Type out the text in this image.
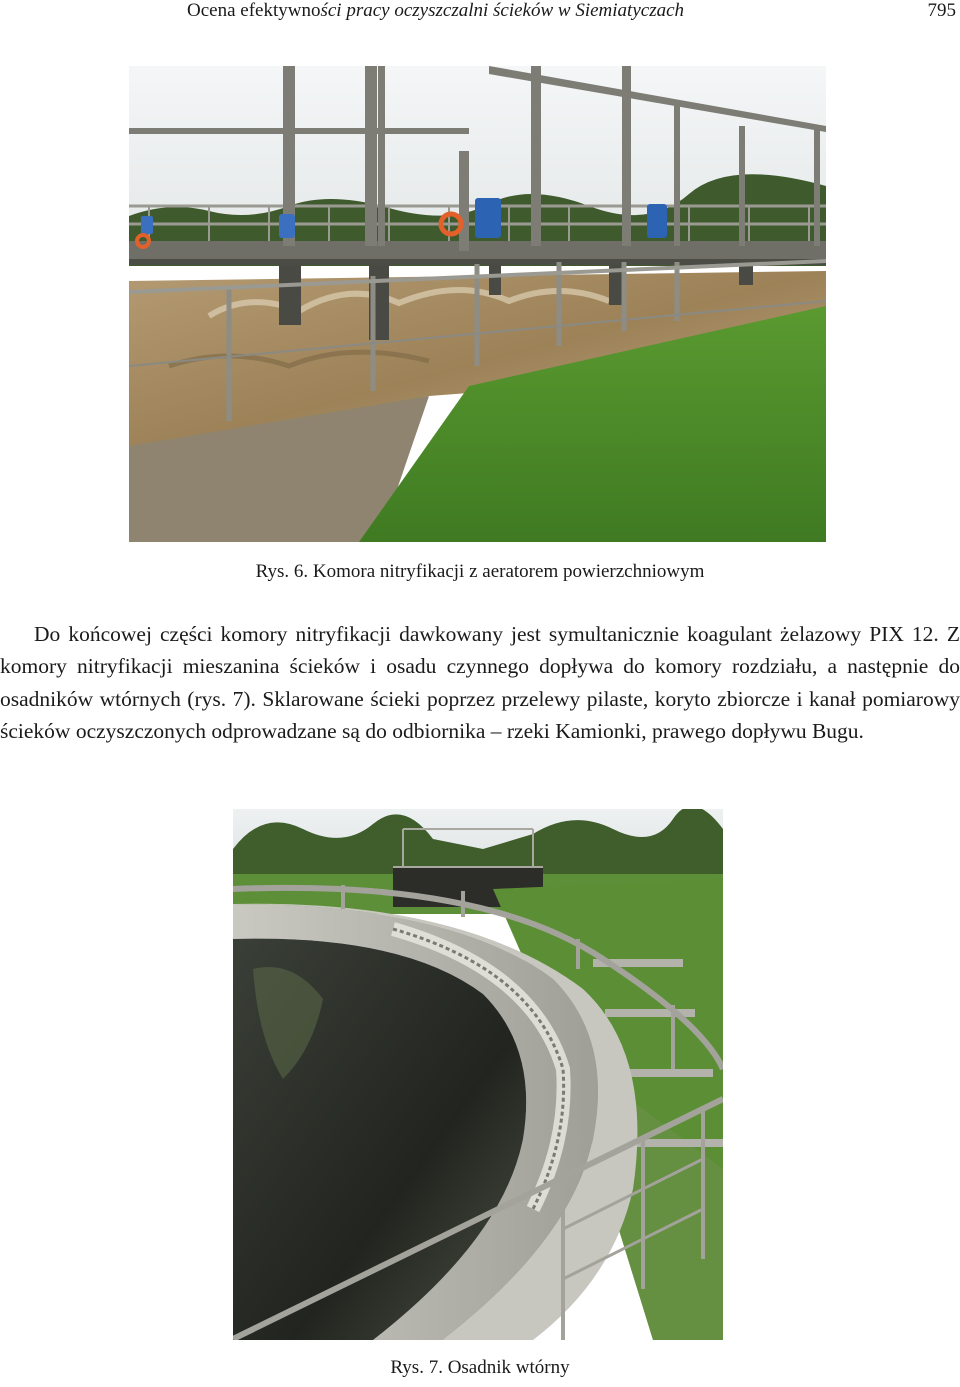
Ocena efektywności pracy oczyszczalni ścieków w Siemiatyczach	795
Rys. 6. Komora nitryfikacji z aeratorem powierzchniowym
Do końcowej części komory nitryfikacji dawkowany jest symultanicznie koagulant żelazowy PIX 12. Z komory nitryfikacji mieszanina ścieków i osadu czynnego dopływa do komory rozdziału, a następnie do osadników wtórnych (rys. 7). Sklarowane ścieki poprzez przelewy pilaste, koryto zbiorcze i kanał pomiarowy ścieków oczyszczonych odprowadzane są do odbiornika – rzeki Kamionki, prawego dopływu Bugu.
Rys. 7. Osadnik wtórny
